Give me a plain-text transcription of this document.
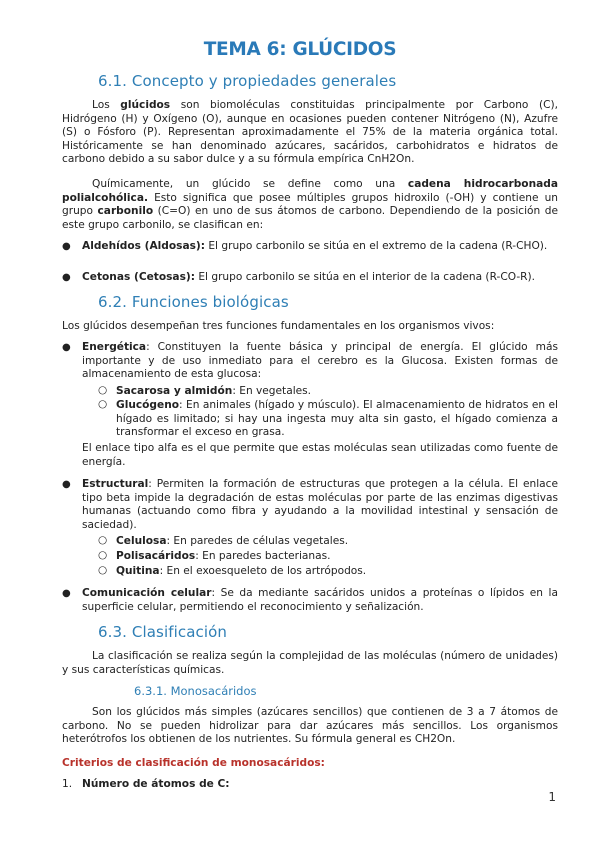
TEMA 6: GLÚCIDOS
6.1. Concepto y propiedades generales

Los glúcidos son biomoléculas constituidas principalmente por Carbono (C), Hidrógeno (H) y Oxígeno (O), aunque en ocasiones pueden contener Nitrógeno (N), Azufre (S) o Fósforo (P). Representan aproximadamente el 75% de la materia orgánica total. Históricamente se han denominado azúcares, sacáridos, carbohidratos e hidratos de carbono debido a su sabor dulce y a su fórmula empírica CnH2On.

Químicamente, un glúcido se define como una cadena hidrocarbonada polialcohólica. Esto significa que posee múltiples grupos hidroxilo (-OH) y contiene un grupo carbonilo (C=O) en uno de sus átomos de carbono. Dependiendo de la posición de este grupo carbonilo, se clasifican en:

● Aldehídos (Aldosas): El grupo carbonilo se sitúa en el extremo de la cadena (R-CHO).
● Cetonas (Cetosas): El grupo carbonilo se sitúa en el interior de la cadena (R-CO-R).
6.2. Funciones biológicas

Los glúcidos desempeñan tres funciones fundamentales en los organismos vivos:

● Energética: Constituyen la fuente básica y principal de energía. El glúcido más importante y de uso inmediato para el cerebro es la Glucosa. Existen formas de almacenamiento de esta glucosa:
○ Sacarosa y almidón: En vegetales.
○ Glucógeno: En animales (hígado y músculo). El almacenamiento de hidratos en el hígado es limitado; si hay una ingesta muy alta sin gasto, el hígado comienza a transformar el exceso en grasa.
El enlace tipo alfa es el que permite que estas moléculas sean utilizadas como fuente de energía.
● Estructural: Permiten la formación de estructuras que protegen a la célula. El enlace tipo beta impide la degradación de estas moléculas por parte de las enzimas digestivas humanas (actuando como fibra y ayudando a la movilidad intestinal y sensación de saciedad).
○ Celulosa: En paredes de células vegetales.
○ Polisacáridos: En paredes bacterianas.
○ Quitina: En el exoesqueleto de los artrópodos.
● Comunicación celular: Se da mediante sacáridos unidos a proteínas o lípidos en la superficie celular, permitiendo el reconocimiento y señalización.
6.3. Clasificación

La clasificación se realiza según la complejidad de las moléculas (número de unidades) y sus características químicas.

6.3.1. Monosacáridos

Son los glúcidos más simples (azúcares sencillos) que contienen de 3 a 7 átomos de carbono. No se pueden hidrolizar para dar azúcares más sencillos. Los organismos heterótrofos los obtienen de los nutrientes. Su fórmula general es CH2On.

Criterios de clasificación de monosacáridos:
1. Número de átomos de C:
1
